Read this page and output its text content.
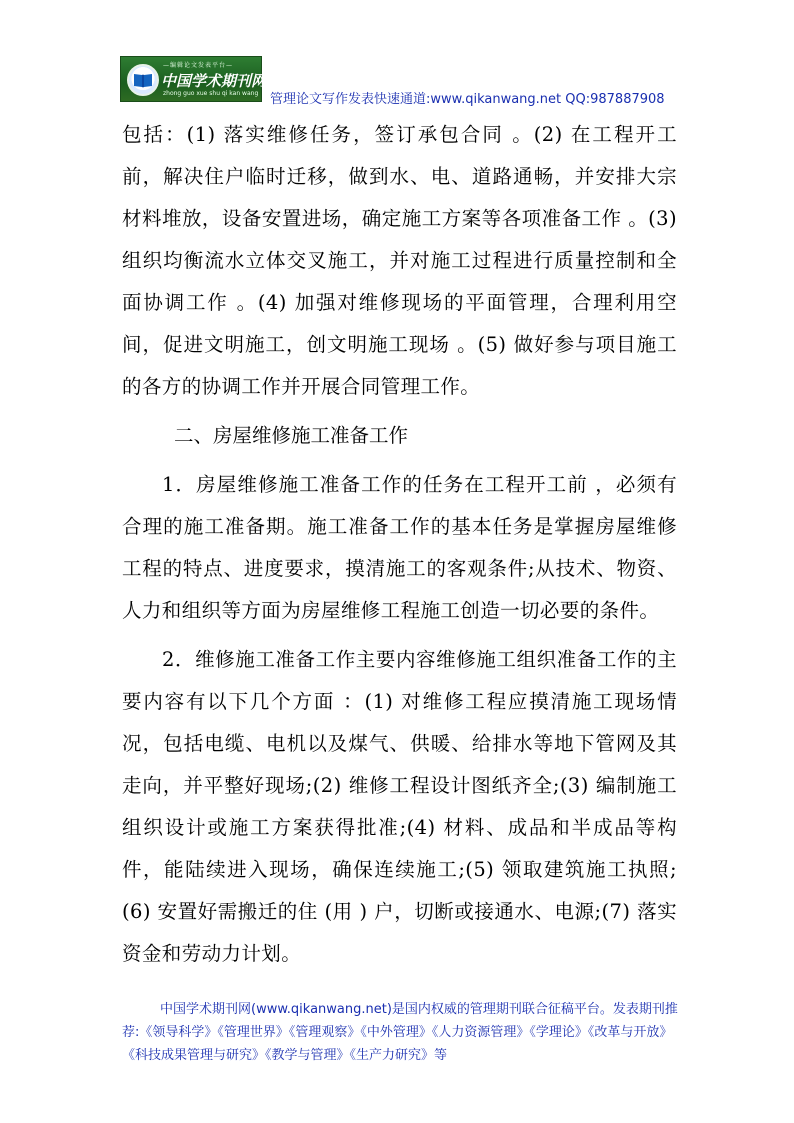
—编辑论文发表平台—
中国学术期刊网
zhong guo xue shu qi kan wang 管理论文写作发表快速通道:www.qikanwang.net QQ:987887908

包括：(1) 落实维修任务，签订承包合同 。(2) 在工程开工前，解决住户临时迁移，做到水、电、道路通畅，并安排大宗材料堆放，设备安置进场，确定施工方案等各项准备工作 。(3) 组织均衡流水立体交叉施工，并对施工过程进行质量控制和全面协调工作 。(4) 加强对维修现场的平面管理，合理利用空间，促进文明施工，创文明施工现场 。(5) 做好参与项目施工的各方的协调工作并开展合同管理工作。

二、房屋维修施工准备工作

1．房屋维修施工准备工作的任务在工程开工前 ，必须有合理的施工准备期。施工准备工作的基本任务是掌握房屋维修工程的特点、进度要求，摸清施工的客观条件;从技术、物资、人力和组织等方面为房屋维修工程施工创造一切必要的条件。

2．维修施工准备工作主要内容维修施工组织准备工作的主要内容有以下几个方面 ：(1) 对维修工程应摸清施工现场情况，包括电缆、电机以及煤气、供暖、给排水等地下管网及其走向，并平整好现场;(2) 维修工程设计图纸齐全;(3) 编制施工组织设计或施工方案获得批准;(4) 材料、成品和半成品等构件，能陆续进入现场，确保连续施工;(5) 领取建筑施工执照;(6) 安置好需搬迁的住 (用 ) 户，切断或接通水、电源;(7) 落实资金和劳动力计划。

中国学术期刊网(www.qikanwang.net)是国内权威的管理期刊联合征稿平台。发表期刊推荐:《领导科学》《管理世界》《管理观察》《中外管理》《人力资源管理》《学理论》《改革与开放》《科技成果管理与研究》《教学与管理》《生产力研究》等
